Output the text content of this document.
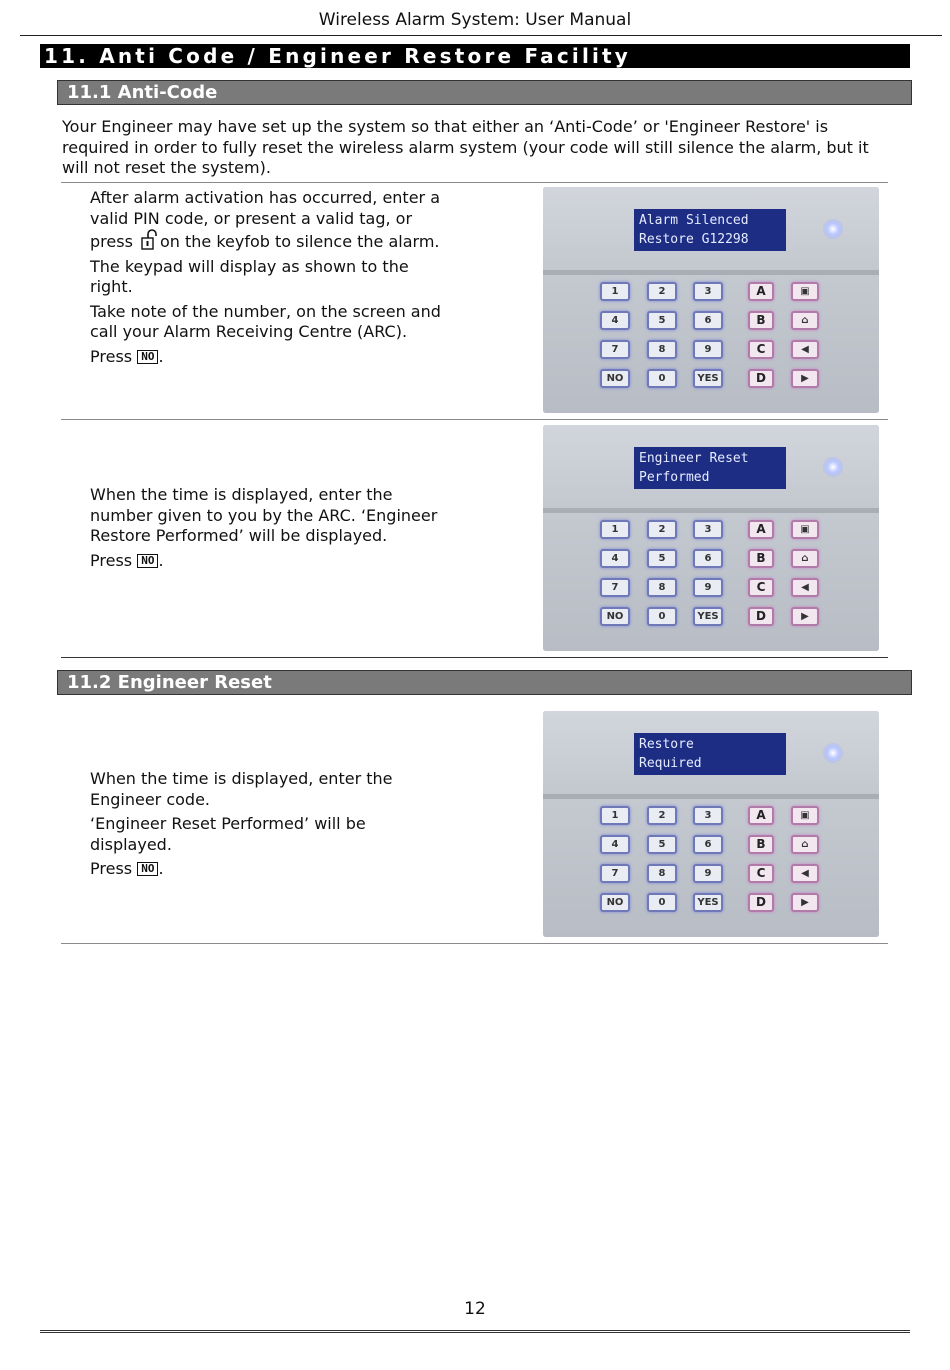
Wireless Alarm System: User Manual
11. Anti Code / Engineer Restore Facility
11.1 Anti-Code

Your Engineer may have set up the system so that either an ‘Anti-Code’ or 'Engineer Restore' is required in order to fully reset the wireless alarm system (your code will still silence the alarm, but it will not reset the system).

After alarm activation has occurred, enter a valid PIN code, or present a valid tag, or press on the keyfob to silence the alarm.

The keypad will display as shown to the right.

Take note of the number, on the screen and call your Alarm Receiving Centre (ARC).

Press NO .

Alarm Silenced
Restore G12298
1	2	3	A	▣
4	5	6	B	⌂
7	8	9	C	◀
NO	0	YES	D	▶

When the time is displayed, enter the number given to you by the ARC. ‘Engineer Restore Performed’ will be displayed.

Press NO .

Engineer Reset
Performed
1	2	3	A	▣
4	5	6	B	⌂
7	8	9	C	◀
NO	0	YES	D	▶
11.2 Engineer Reset

When the time is displayed, enter the Engineer code.

‘Engineer Reset Performed’ will be displayed.

Press NO .

Restore
Required
1	2	3	A	▣
4	5	6	B	⌂
7	8	9	C	◀
NO	0	YES	D	▶
12
